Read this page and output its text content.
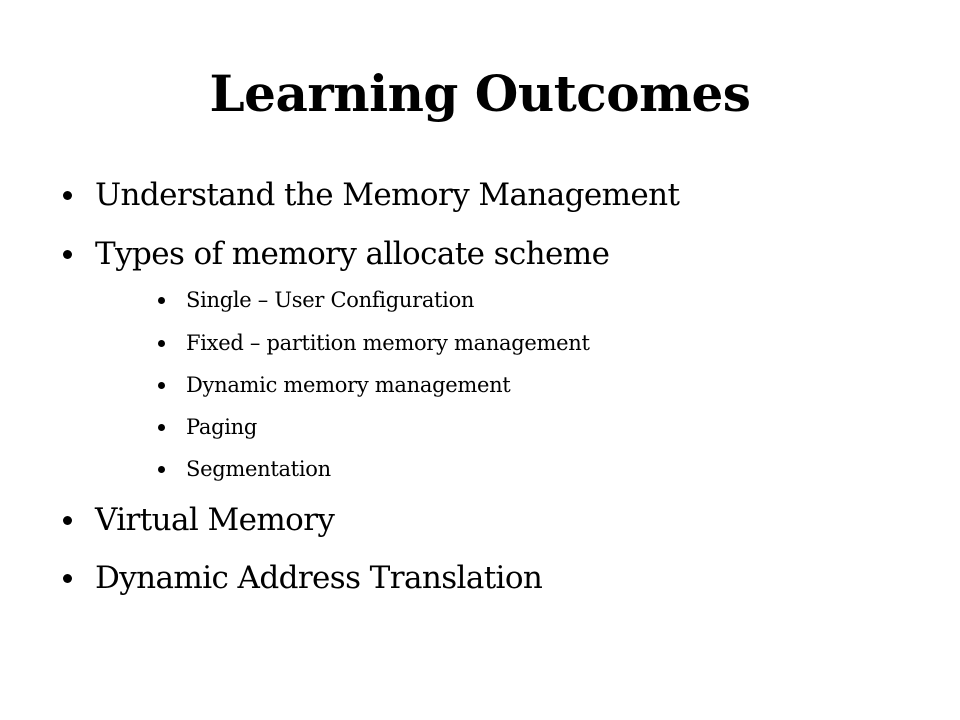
Learning Outcomes
Understand the Memory Management
Types of memory allocate scheme
Single – User Configuration
Fixed – partition memory management
Dynamic memory management
Paging
Segmentation
Virtual Memory
Dynamic Address Translation
